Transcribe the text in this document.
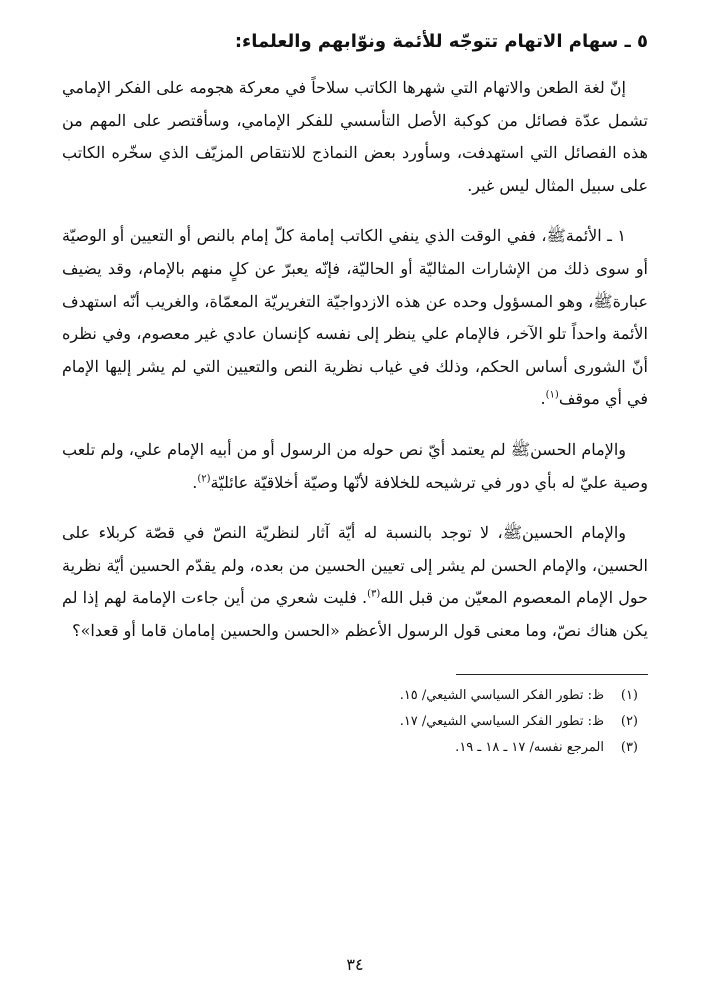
٥ ـ سهام الاتهام تتوجّه للأئمة ونوّابهم والعلماء:

إنّ لغة الطعن والاتهام التي شهرها الكاتب سلاحاً في معركة هجومه على الفكر الإمامي تشمل عدّة فصائل من كوكبة الأصل التأسسي للفكر الإمامي، وسأقتصر على المهم من هذه الفصائل التي استهدفت، وسأورد بعض النماذج للانتقاص المزيّف الذي سخّره الكاتب على سبيل المثال ليس غير.

١ ـ الأئمةﷺ، ففي الوقت الذي ينفي الكاتب إمامة كلّ إمام بالنص أو التعيين أو الوصيّة أو سوى ذلك من الإشارات المثاليّة أو الحاليّة، فإنّه يعبرّ عن كلٍ منهم بالإمام، وقد يضيف عبارةﷺ، وهو المسؤول وحده عن هذه الازدواجيّة التغريريّة المعمّاة، والغريب أنّه استهدف الأئمة واحداً تلو الآخر، فالإمام علي ينظر إلى نفسه كإنسان عادي غير معصوم، وفي نظره أنّ الشورى أساس الحكم، وذلك في غياب نظرية النص والتعيين التي لم يشر إليها الإمام في أي موقف$^{(١)}$.

والإمام الحسنﷺ لم يعتمد أيّ نص حوله من الرسول أو من أبيه الإمام علي، ولم تلعب وصية عليّ له بأي دور في ترشيحه للخلافة لأنّها وصيّة أخلاقيّة عائليّة$^{(٢)}$.

والإمام الحسينﷺ، لا توجد بالنسبة له أيّة آثار لنظريّة النصّ في قصّة كربلاء على الحسين، والإمام الحسن لم يشر إلى تعيين الحسين من بعده، ولم يقدّم الحسين أيّة نظرية حول الإمام المعصوم المعيّن من قبل الله$^{(٣)}$. فليت شعري من أين جاءت الإمامة لهم إذا لم يكن هناك نصّ، وما معنى قول الرسول الأعظم «الحسن والحسين إمامان قاما أو قعدا»؟

(١)ظ: تطور الفكر السياسي الشيعي/ ١٥.
(٢)ظ: تطور الفكر السياسي الشيعي/ ١٧.
(٣)المرجع نفسه/ ١٧ ـ ١٨ ـ ١٩.
٣٤
